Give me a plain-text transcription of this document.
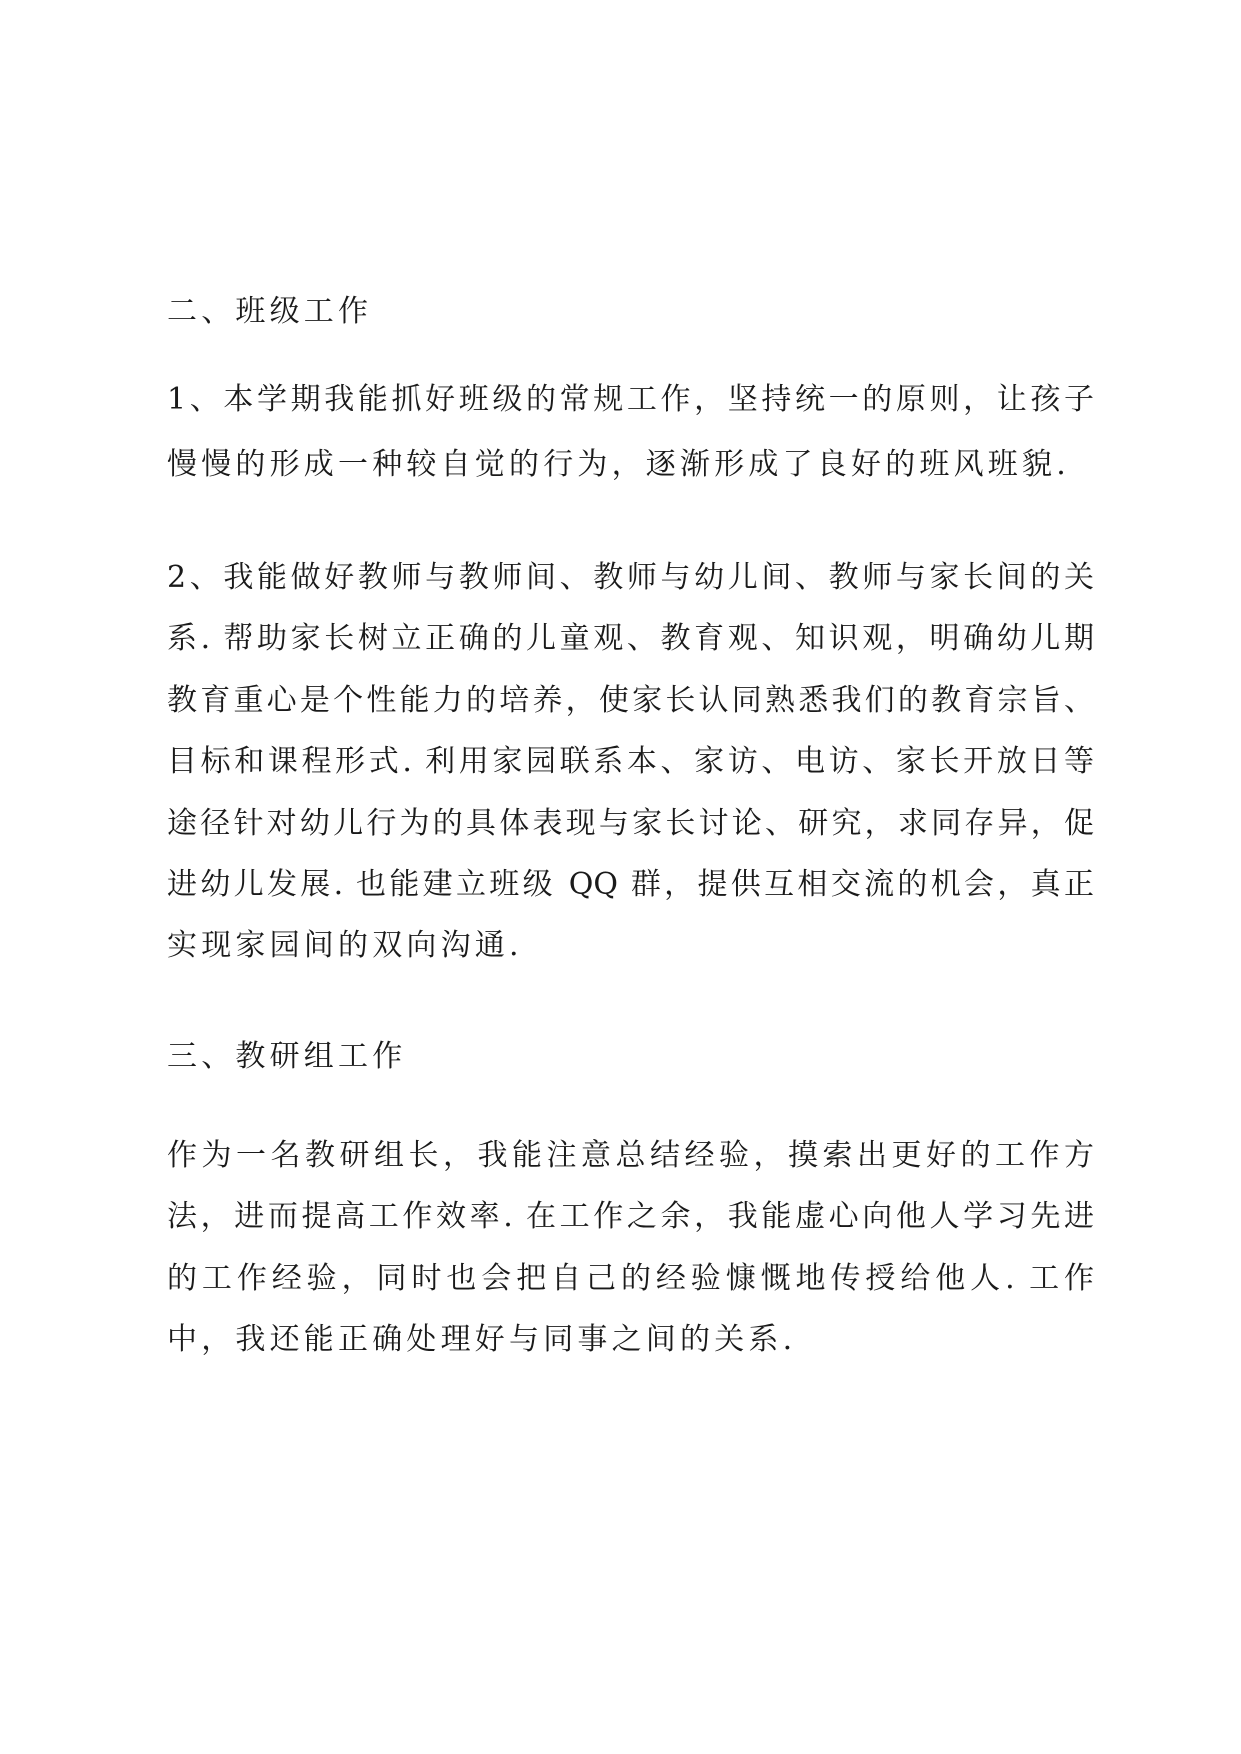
二、班级工作

1、本学期我能抓好班级的常规工作，坚持统一的原则，让孩子

慢慢的形成一种较自觉的行为，逐渐形成了良好的班风班貌.

2、我能做好教师与教师间、教师与幼儿间、教师与家长间的关

系. 帮助家长树立正确的儿童观、教育观、知识观，明确幼儿期

教育重心是个性能力的培养，使家长认同熟悉我们的教育宗旨、

目标和课程形式. 利用家园联系本、家访、电访、家长开放日等

途径针对幼儿行为的具体表现与家长讨论、研究，求同存异，促

进幼儿发展. 也能建立班级 QQ 群，提供互相交流的机会，真正

实现家园间的双向沟通.

三、教研组工作

作为一名教研组长，我能注意总结经验，摸索出更好的工作方

法，进而提高工作效率. 在工作之余，我能虚心向他人学习先进

的工作经验，同时也会把自己的经验慷慨地传授给他人. 工作

中，我还能正确处理好与同事之间的关系.
